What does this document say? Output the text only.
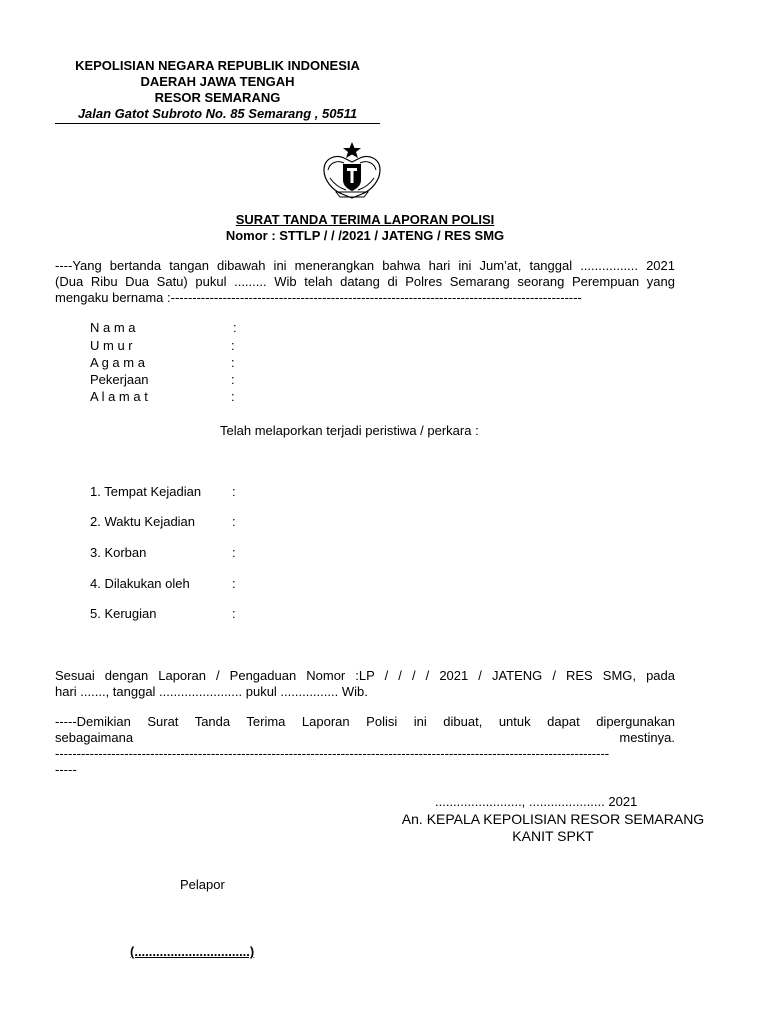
KEPOLISIAN NEGARA REPUBLIK INDONESIA
DAERAH JAWA TENGAH
RESOR SEMARANG
Jalan Gatot Subroto No. 85 Semarang , 50511
SURAT TANDA TERIMA LAPORAN POLISI
Nomor : STTLP / / /2021 / JATENG / RES SMG
----Yang bertanda tangan dibawah ini menerangkan bahwa hari ini Jum’at, tanggal ................ 2021
(Dua Ribu Dua Satu) pukul ......... Wib telah datang di Polres Semarang seorang Perempuan yang
mengaku bernama :-----------------------------------------------------------------------------------------------
N a m a	:
U m u r	:
A g a m a	:
Pekerjaan	:
A l a m a t	:
Telah melaporkan terjadi peristiwa / perkara :
1. Tempat Kejadian :
2. Waktu Kejadian	:
3. Korban	:
4. Dilakukan oleh	:
5. Kerugian	:
Sesuai dengan Laporan / Pengaduan Nomor :LP / / / / 2021 / JATENG / RES SMG, pada
hari ......., tanggal ....................... pukul ................ Wib.
-----Demikian Surat Tanda Terima Laporan Polisi ini dibuat, untuk dapat dipergunakan
sebagaimana	mestinya.
--------------------------------------------------------------------------------------------------------------------------------
-----
........................, ..................... 2021
An. KEPALA KEPOLISIAN RESOR SEMARANG
KANIT SPKT
Pelapor
(................................)
